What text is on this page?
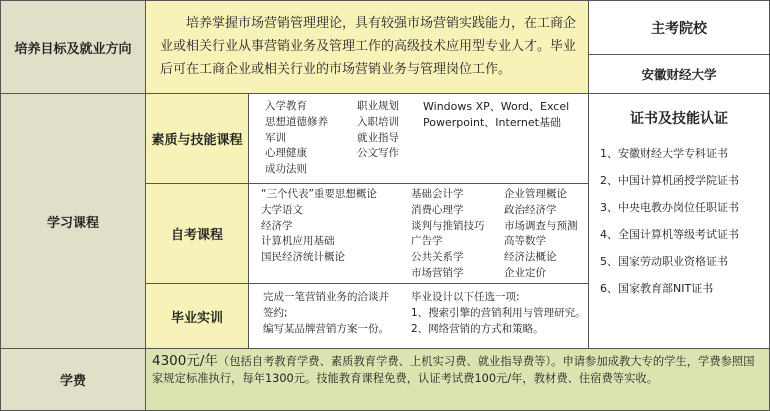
培养目标及就业方向
培养掌握市场营销管理理论，具有较强市场营销实践能力，在工商企业或相关行业从事营销业务及管理工作的高级技术应用型专业人才。毕业后可在工商企业或相关行业的市场营销业务与管理岗位工作。
主考院校
安徽财经大学
学习课程
素质与技能课程
入学教育
思想道德修养
军训
心理健康
成功法则
职业规划
入职培训
就业指导
公文写作
Windows XP、Word、Excel
Powerpoint、Internet基础
自考课程
“三个代表”重要思想概论
大学语文
经济学
计算机应用基础
国民经济统计概论
基础会计学
消费心理学
谈判与推销技巧
广告学
公共关系学
市场营销学
企业管理概论
政治经济学
市场调查与预测
高等数学
经济法概论
企业定价
毕业实训
完成一笔营销业务的洽谈并
签约;
编写某品牌营销方案一份。
毕业设计以下任选一项:
1、搜索引擎的营销利用与管理研究。
2、网络营销的方式和策略。
证书及技能认证
1、安徽财经大学专科证书
2、中国计算机函授学院证书
3、中央电教办岗位任职证书
4、全国计算机等级考试证书
5、国家劳动职业资格证书
6、国家教育部NIT证书
学费
4300元/年（包括自考教育学费、素质教育学费、上机实习费、就业指导费等）。申请参加成教大专的学生，学费参照国家规定标准执行，每年1300元。技能教育课程免费，认证考试费100元/年，教材费、住宿费等实收。
